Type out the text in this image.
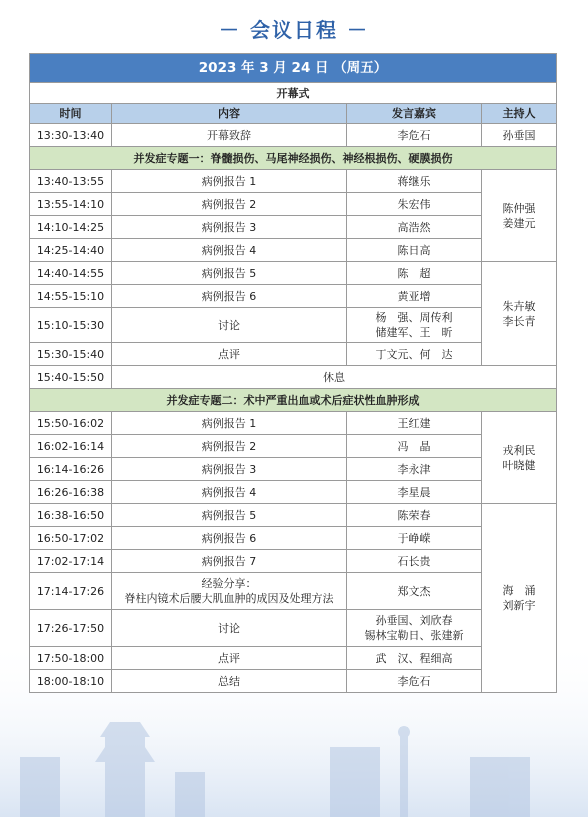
－ 会议日程 －
2023 年 3 月 24 日 （周五）			
开幕式			
时间	内容	发言嘉宾	主持人
13:30-13:40	开幕致辞	李危石	孙垂国
并发症专题一：脊髓损伤、马尾神经损伤、神经根损伤、硬膜损伤			
13:40-13:55	病例报告 1	蒋继乐	陈仲强
姜建元

13:55-14:10	病例报告 2	朱宏伟	
14:10-14:25	病例报告 3	高浩然	
14:25-14:40	病例报告 4	陈日高	
14:40-14:55	病例报告 5	陈　超	朱卉敏
李长青

14:55-15:10	病例报告 6	黄亚增	
15:10-15:30	讨论	杨　强、周传利
储建军、王　昕	

15:30-15:40	点评	丁文元、何　达	
15:40-15:50	休息		
并发症专题二：术中严重出血或术后症状性血肿形成			
15:50-16:02	病例报告 1	王红建	戎利民
叶晓健

16:02-16:14	病例报告 2	冯　晶	
16:14-16:26	病例报告 3	李永津	
16:26-16:38	病例报告 4	李星晨	
16:38-16:50	病例报告 5	陈荣春	海　涌
刘新宇

16:50-17:02	病例报告 6	于峥嵘	
17:02-17:14	病例报告 7	石长贵	
17:14-17:26	经验分享：
脊柱内镜术后腰大肌血肿的成因及处理方法	郑文杰	
17:26-17:50	讨论	孙垂国、刘欣春
锡林宝勒日、张建新	

17:50-18:00	点评	武　汉、程细高	
18:00-18:10	总结	李危石	
